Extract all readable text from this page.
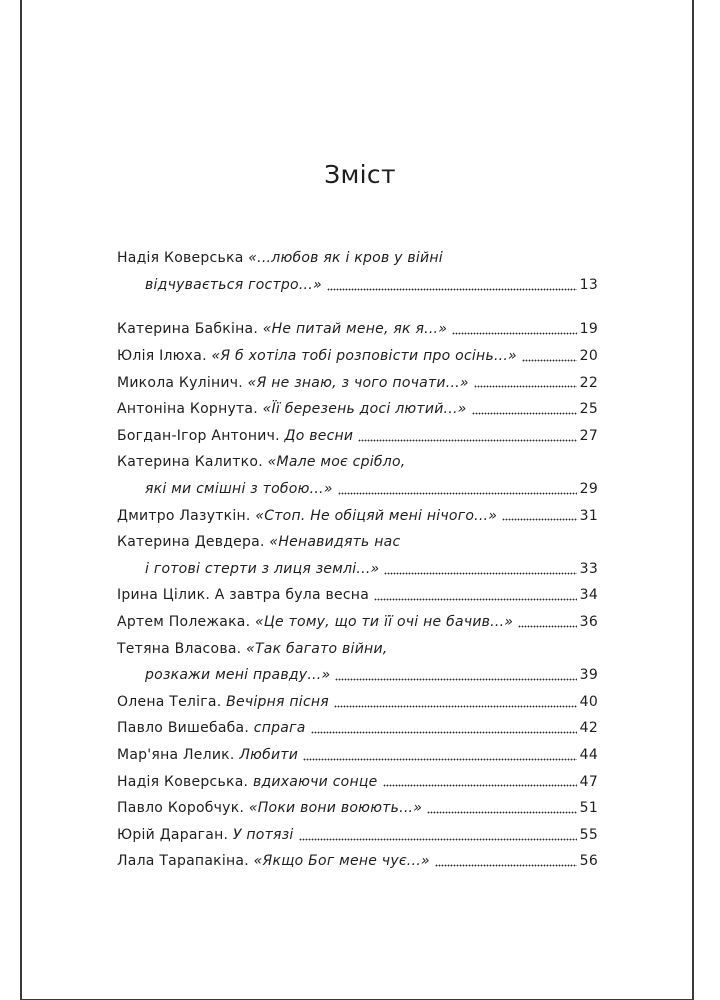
Зміст
Надія Коверська
«...любов як і кров у війні
відчувається гостро...»	13
Катерина Бабкіна . «Не питай мене, як я...»	19
Юлія Ілюха . «Я б хотіла тобі розповісти про осінь...»	20
Микола Кулінич . «Я не знаю, з чого почати...»	22
Антоніна Корнута . «Її березень досі лютий...»	25
Богдан-Ігор Антонич . До весни	27
Катерина Калитко . «Мале моє срібло,
які ми смішні з тобою...»	29
Дмитро Лазуткін . «Стоп. Не обіцяй мені нічого...»	31
Катерина Девдера . «Ненавидять нас
і готові стерти з лиця землі...»	33
Ірина Цілик . А завтра була весна	34
Артем Полежака . «Це тому, що ти її очі не бачив...»	36
Тетяна Власова . «Так багато війни,
розкажи мені правду...»	39
Олена Теліга . Вечірня пісня	40
Павло Вишебаба . спрага	42
Мар'яна Лелик . Любити	44
Надія Коверська . вдихаючи сонце	47
Павло Коробчук . «Поки вони воюють...»	51
Юрій Дараган . У потязі	55
Лала Тарапакіна . «Якщо Бог мене чує...»	56
